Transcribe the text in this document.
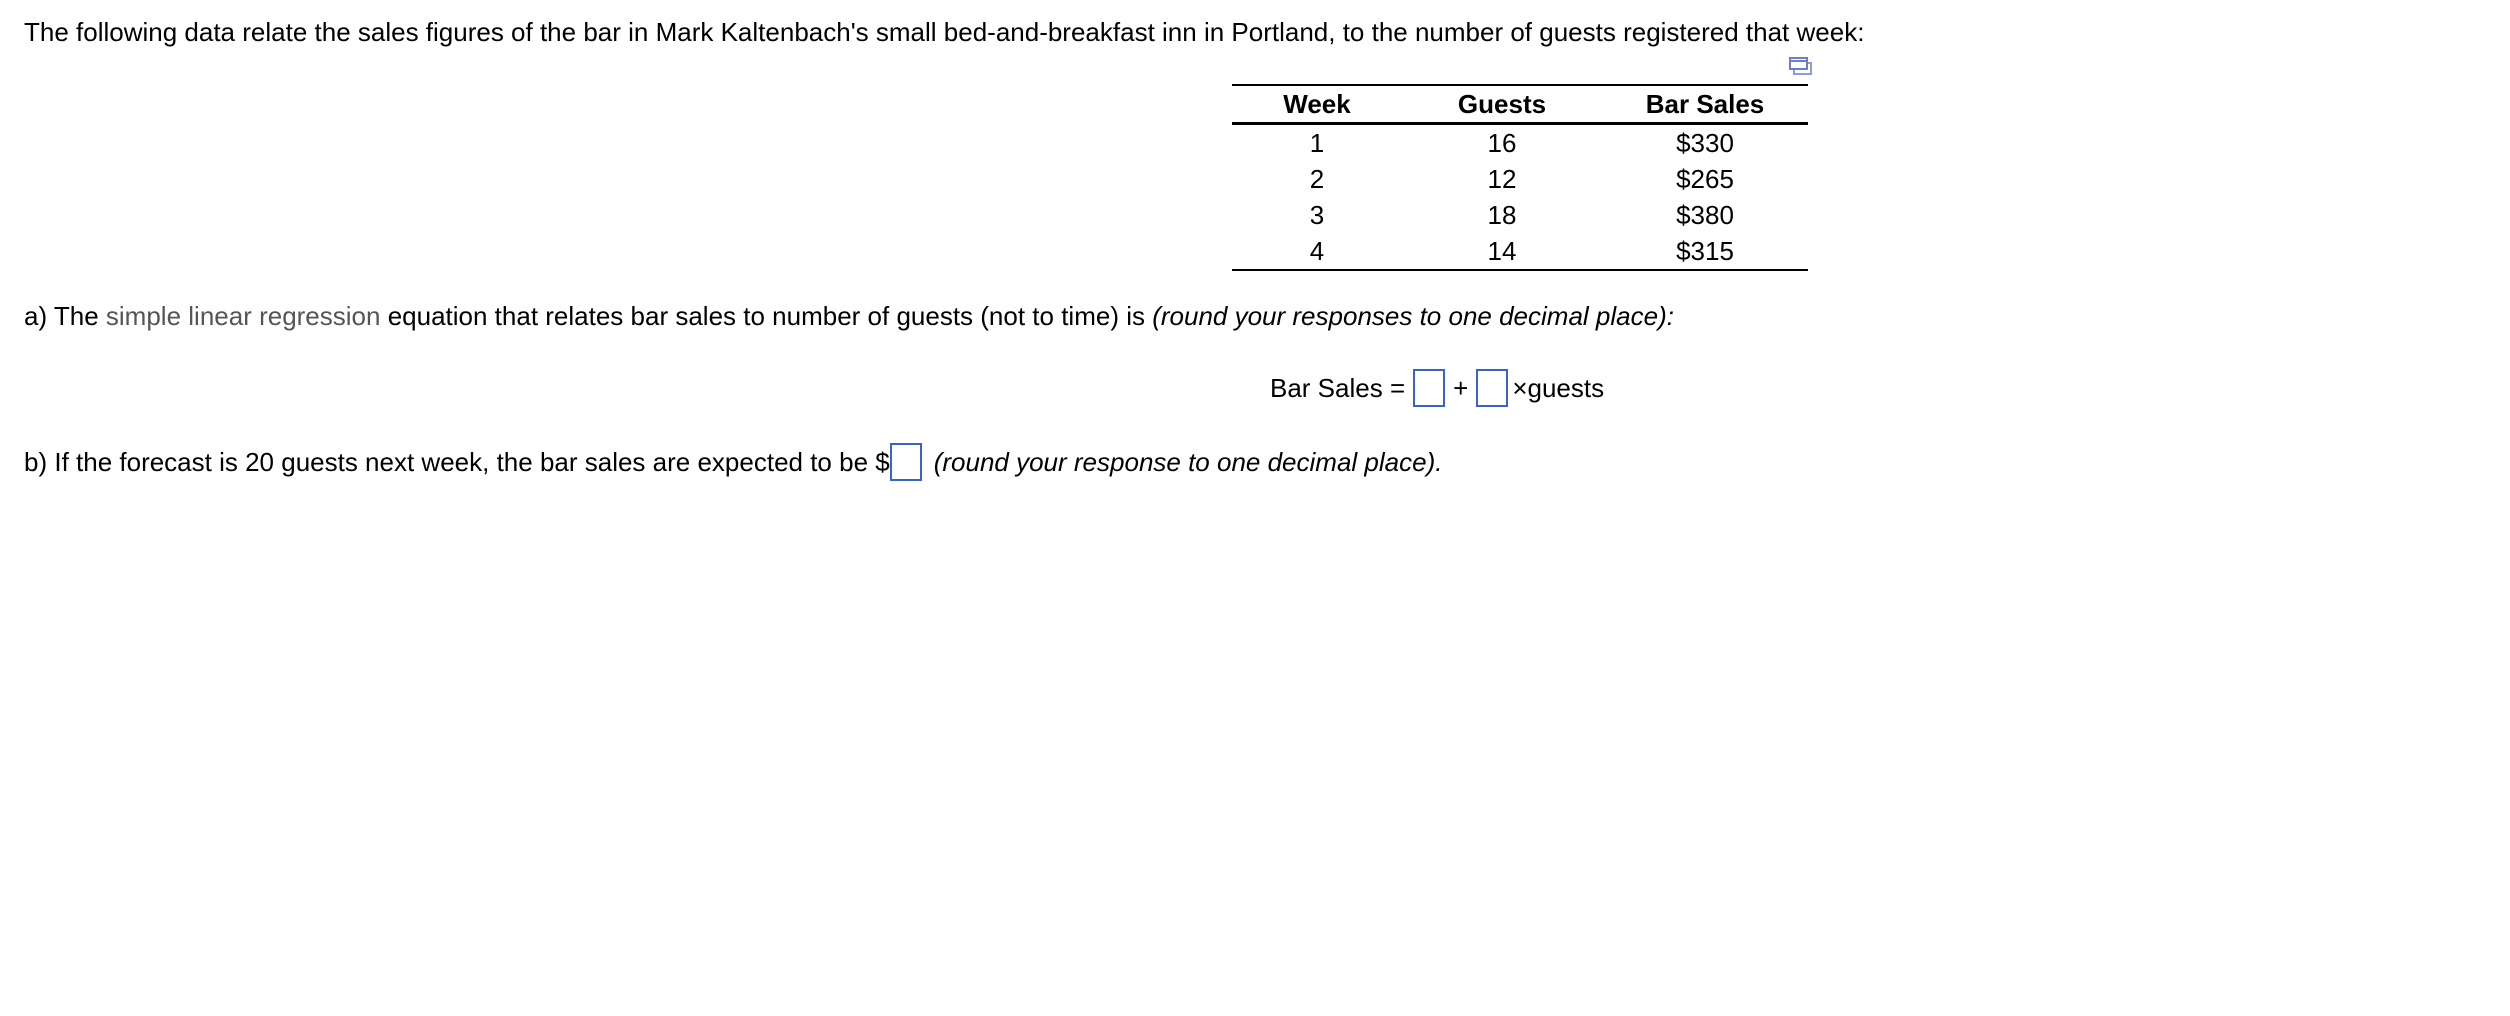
The following data relate the sales figures of the bar in Mark Kaltenbach's small bed-and-breakfast inn in Portland, to the number of guests registered that week:
Week	Guests	Bar Sales
1	16	$330
2	12	$265
3	18	$380
4	14	$315
a) The simple linear regression equation that relates bar sales to number of guests (not to time) is (round your responses to one decimal place):
Bar Sales = + ×guests
b) If the forecast is 20 guests next week, the bar sales are expected to be $ (round your response to one decimal place).
